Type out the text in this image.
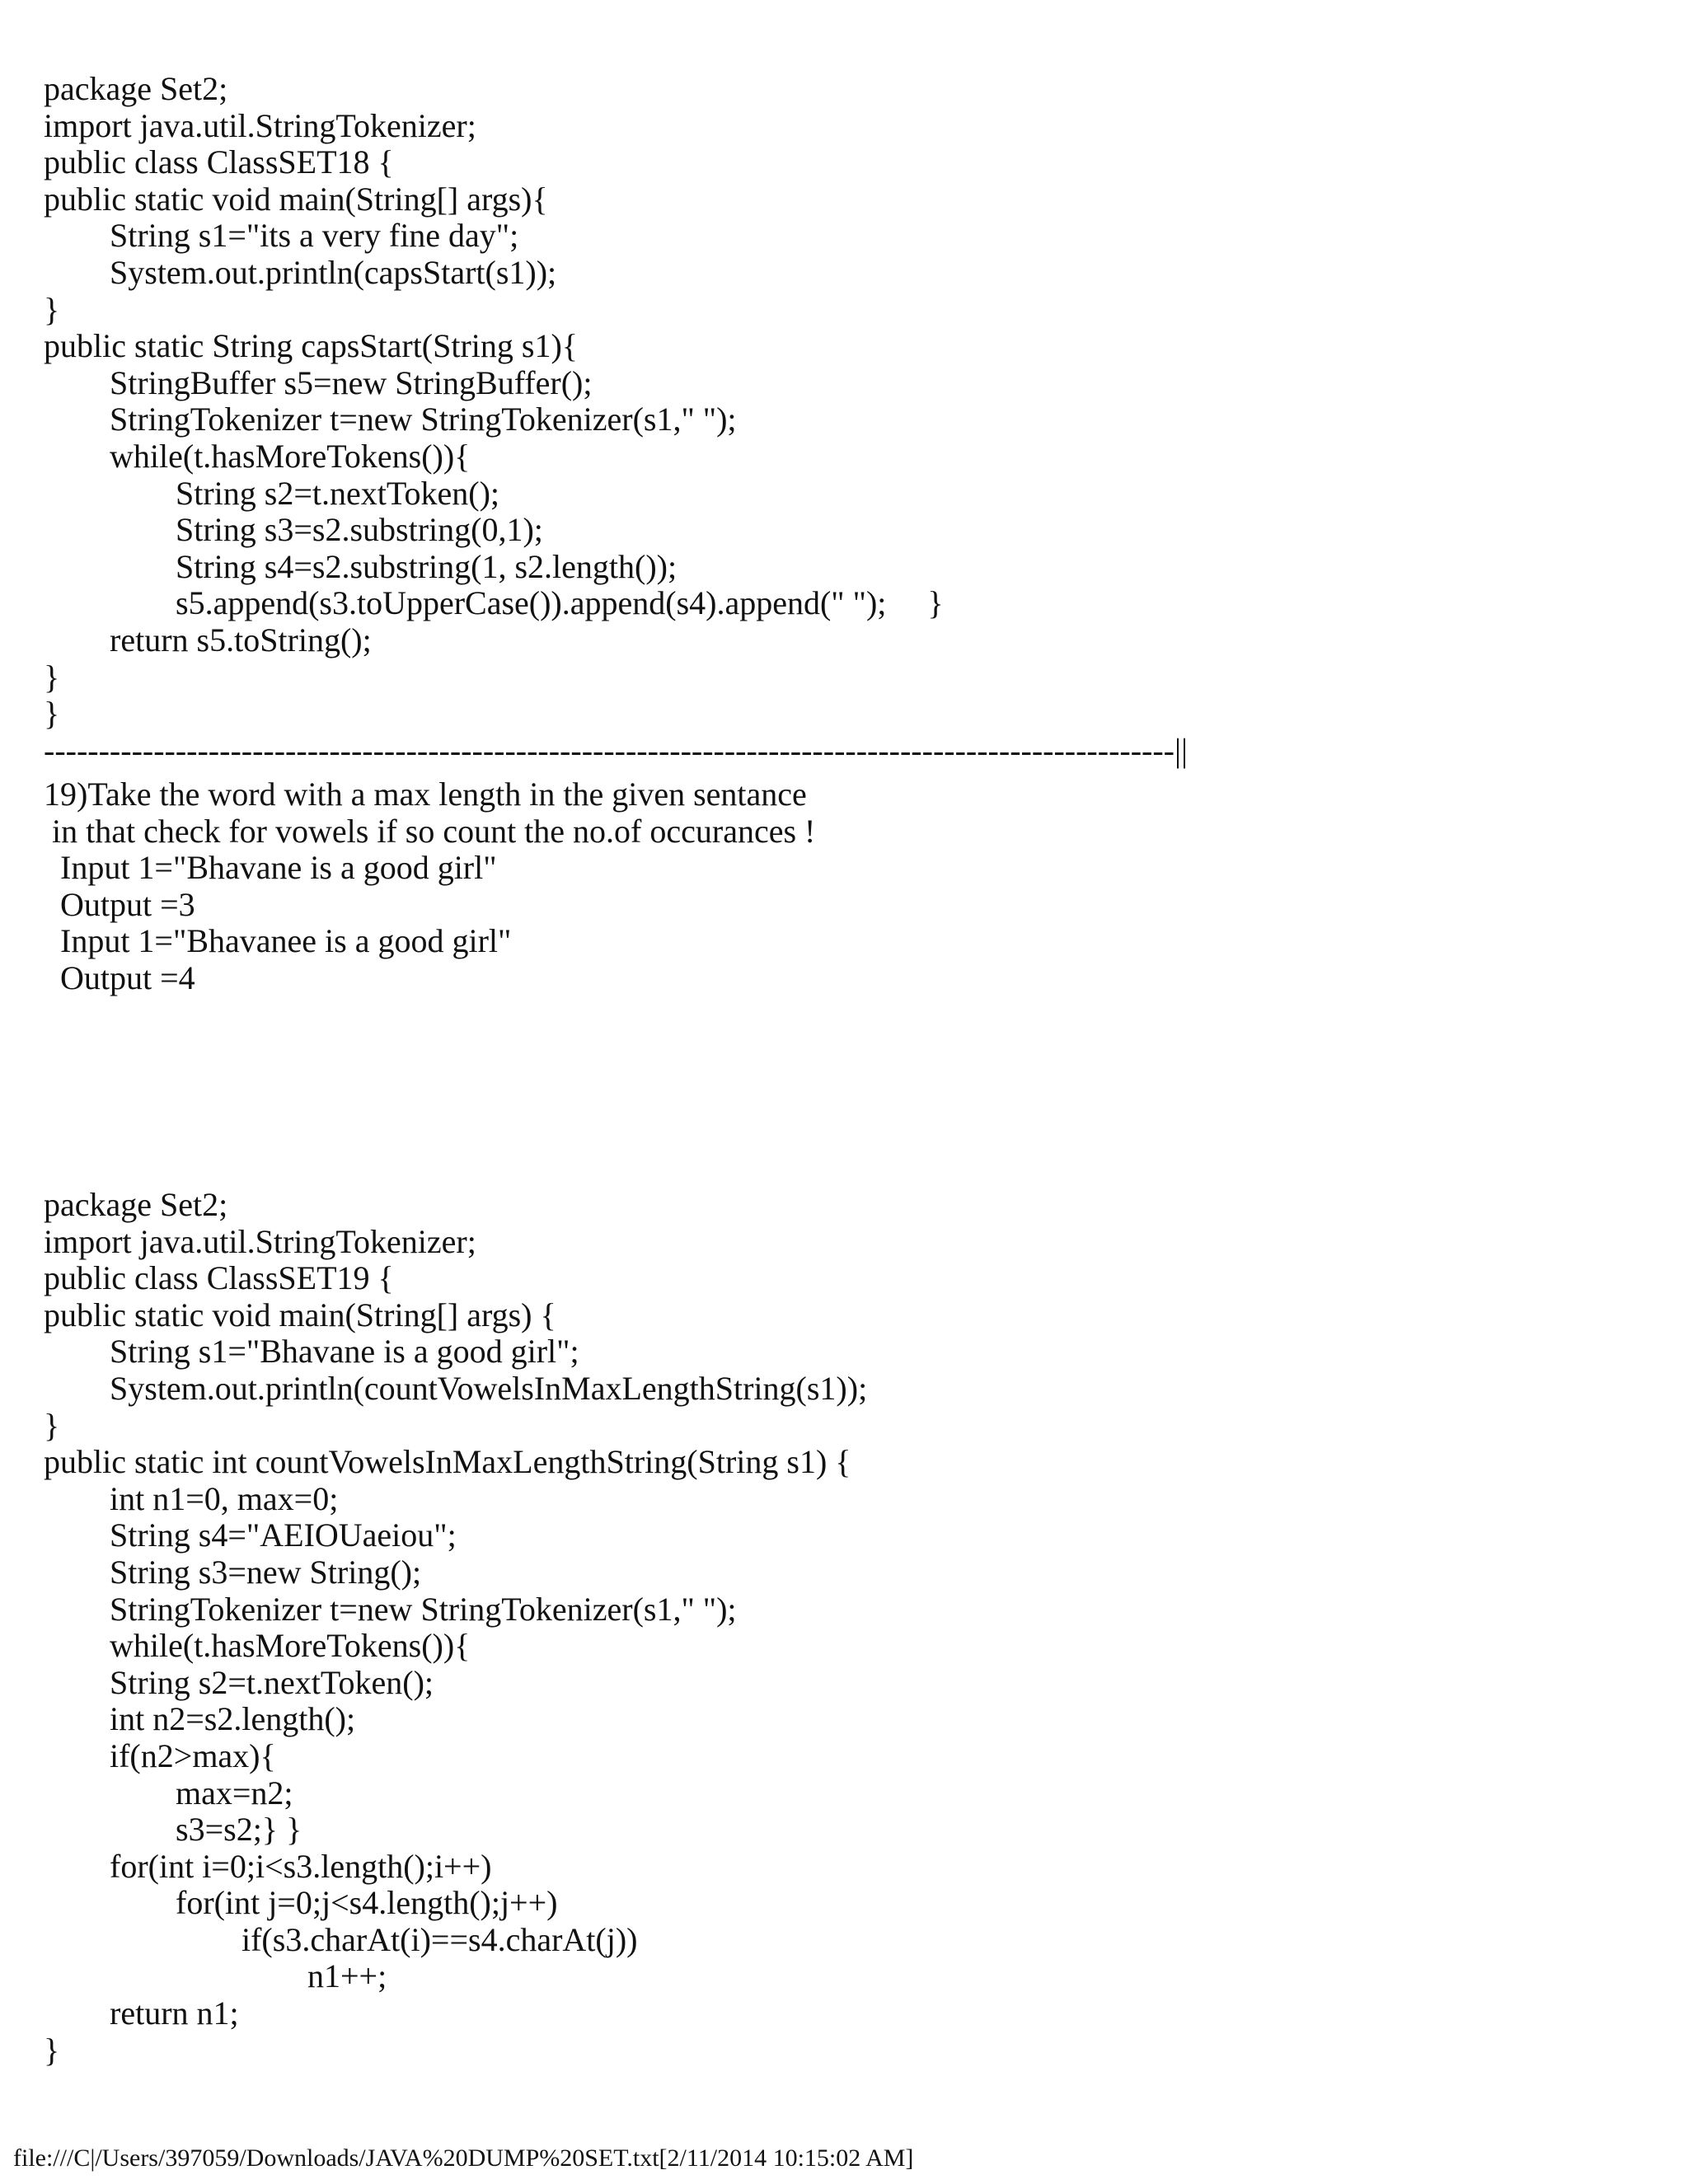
package Set2;
import java.util.StringTokenizer;
public class ClassSET18 {
public static void main(String[] args){
String s1="its a very fine day";
System.out.println(capsStart(s1));
}
public static String capsStart(String s1){
StringBuffer s5=new StringBuffer();
StringTokenizer t=new StringTokenizer(s1," ");
while(t.hasMoreTokens()){
String s2=t.nextToken();
String s3=s2.substring(0,1);
String s4=s2.substring(1, s2.length());
s5.append(s3.toUpperCase()).append(s4).append(" ");     }
return s5.toString();
}
}
-------------------------------------------------------------------------------------------------------||
19)Take the word with a max length in the given sentance
in that check for vowels if so count the no.of occurances !
Input 1="Bhavane is a good girl"
Output =3
Input 1="Bhavanee is a good girl"
Output =4
package Set2;
import java.util.StringTokenizer;
public class ClassSET19 {
public static void main(String[] args) {
String s1="Bhavane is a good girl";
System.out.println(countVowelsInMaxLengthString(s1));
}
public static int countVowelsInMaxLengthString(String s1) {
int n1=0, max=0;
String s4="AEIOUaeiou";
String s3=new String();
StringTokenizer t=new StringTokenizer(s1," ");
while(t.hasMoreTokens()){
String s2=t.nextToken();
int n2=s2.length();
if(n2>max){
max=n2;
s3=s2;} }
for(int i=0;i<s3.length();i++)
for(int j=0;j<s4.length();j++)
if(s3.charAt(i)==s4.charAt(j))
n1++;
return n1;
}
file:///C|/Users/397059/Downloads/JAVA%20DUMP%20SET.txt[2/11/2014 10:15:02 AM]
